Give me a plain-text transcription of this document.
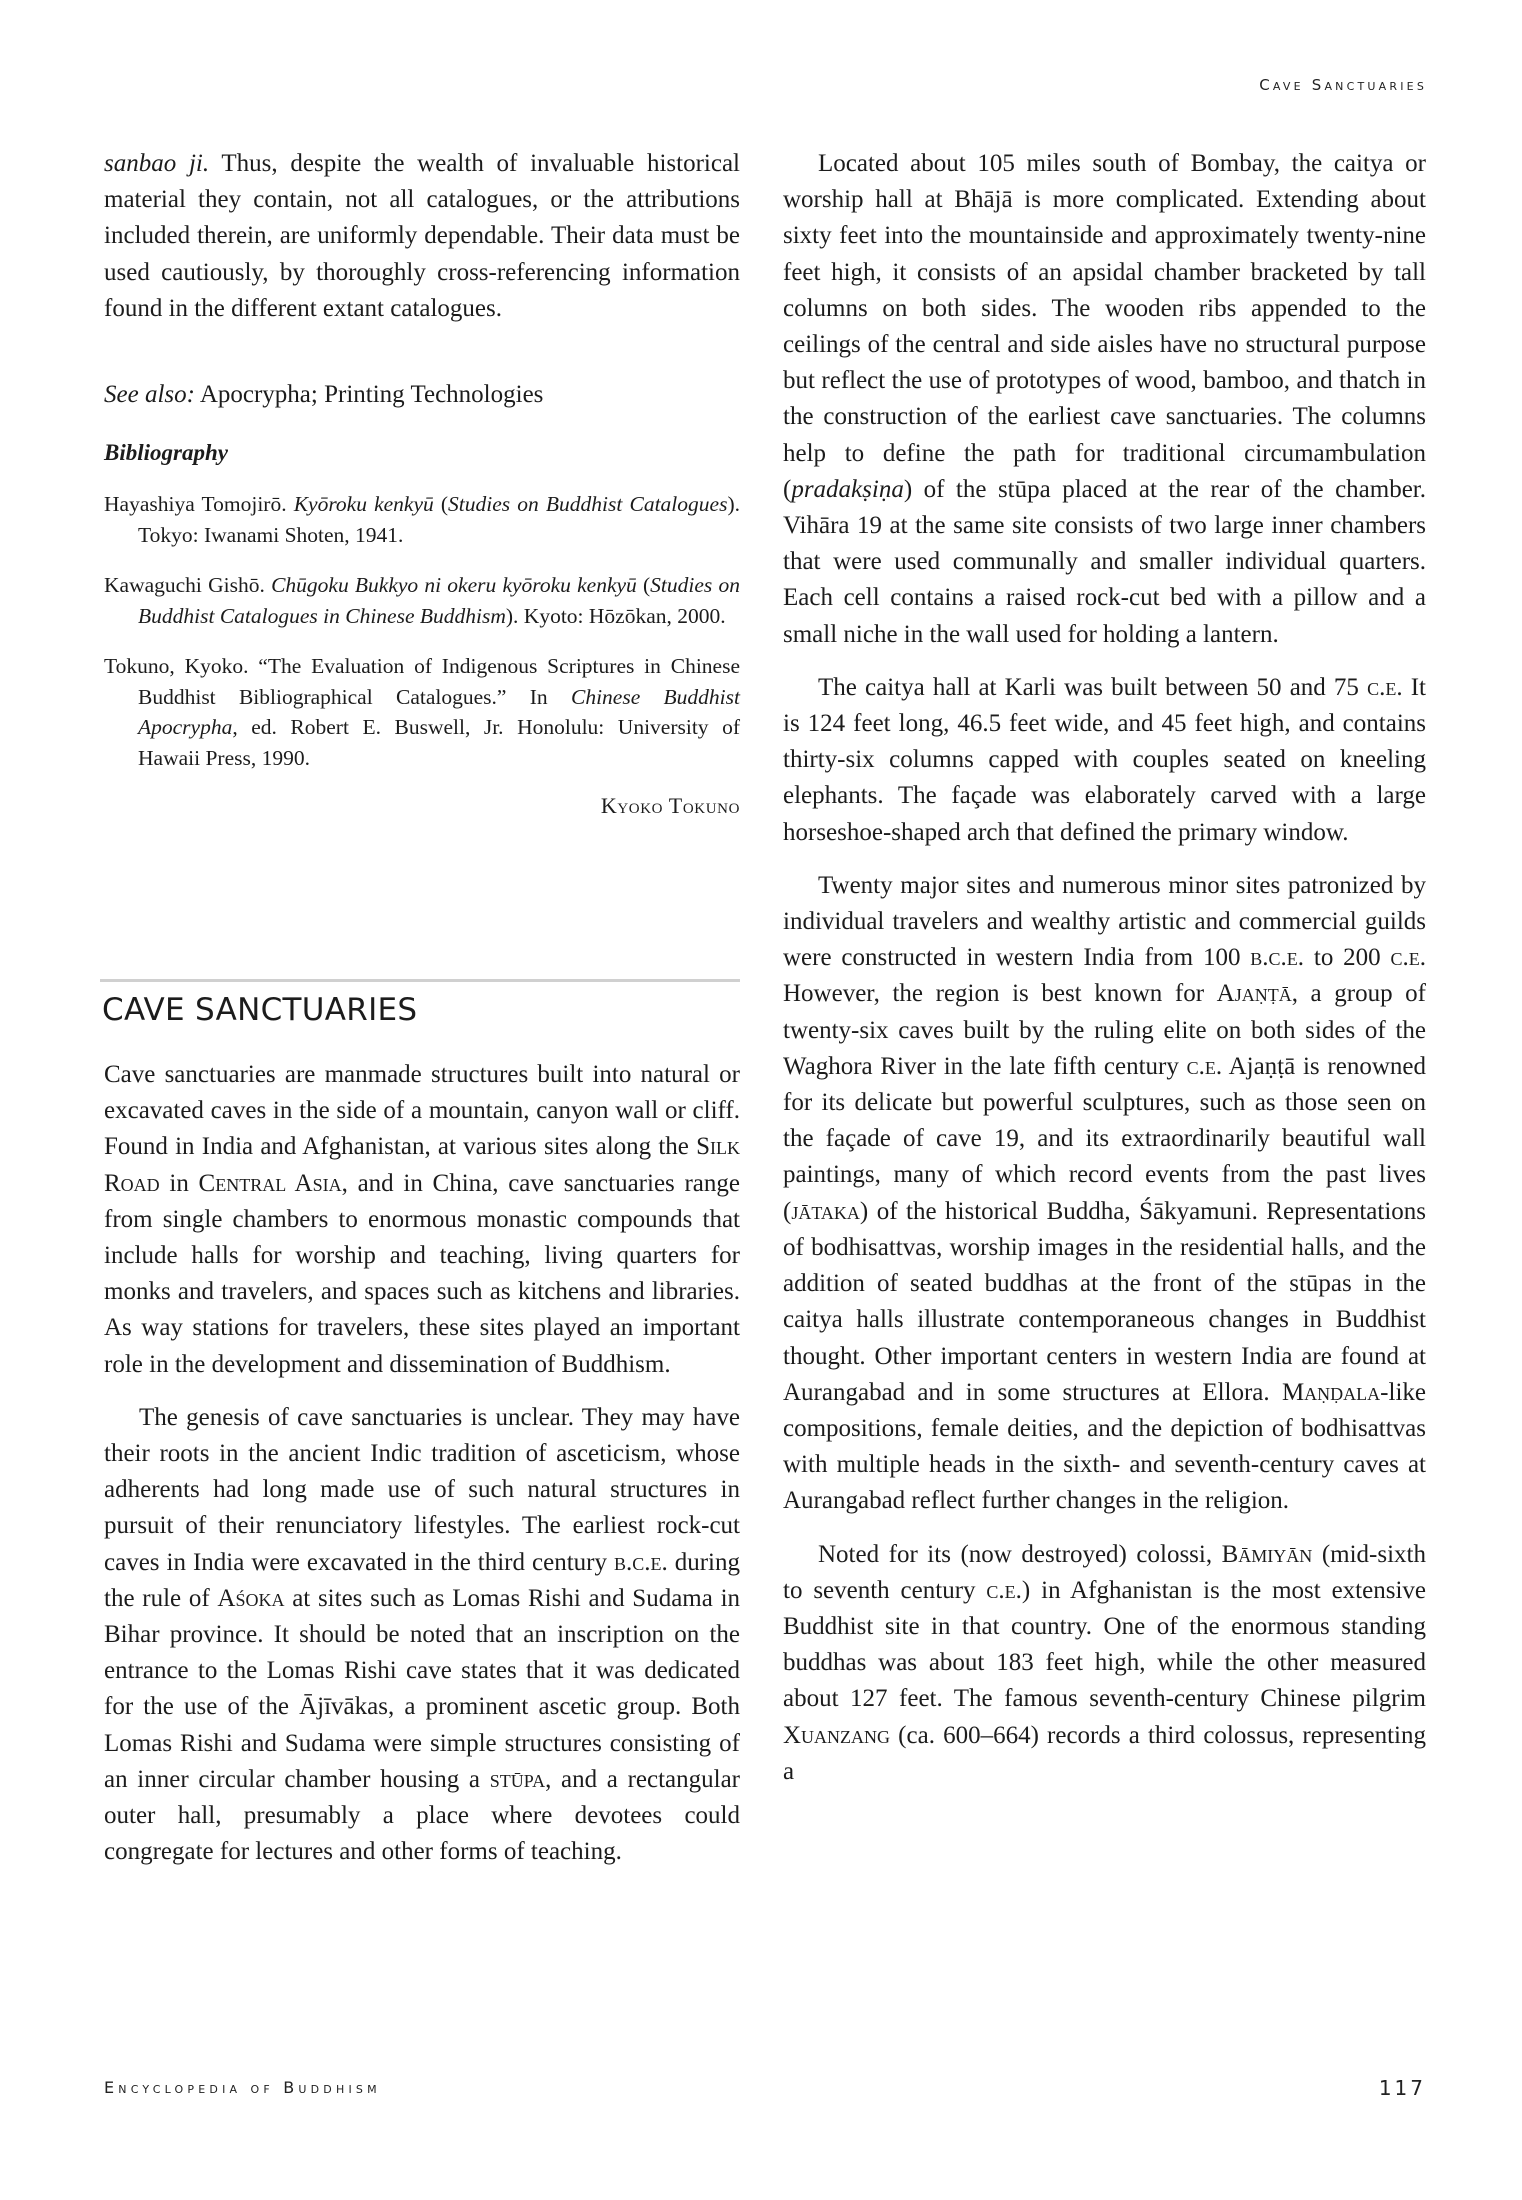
Cave Sanctuaries

sanbao ji. Thus, despite the wealth of invaluable historical material they contain, not all catalogues, or the attributions included therein, are uniformly dependable. Their data must be used cautiously, by thoroughly cross-referencing information found in the different extant catalogues.

See also: Apocrypha; Printing Technologies
Bibliography

Hayashiya Tomojirō. Kyōroku kenkyū (Studies on Buddhist Catalogues). Tokyo: Iwanami Shoten, 1941.

Kawaguchi Gishō. Chūgoku Bukkyo ni okeru kyōroku kenkyū (Studies on Buddhist Catalogues in Chinese Buddhism). Kyoto: Hōzōkan, 2000.

Tokuno, Kyoko. “The Evaluation of Indigenous Scriptures in Chinese Buddhist Bibliographical Catalogues.” In Chinese Buddhist Apocrypha, ed. Robert E. Buswell, Jr. Honolulu: University of Hawaii Press, 1990.

Kyoko Tokuno
CAVE SANCTUARIES

Cave sanctuaries are manmade structures built into natural or excavated caves in the side of a mountain, canyon wall or cliff. Found in India and Afghanistan, at various sites along the Silk Road in Central Asia, and in China, cave sanctuaries range from single chambers to enormous monastic compounds that include halls for worship and teaching, living quarters for monks and travelers, and spaces such as kitchens and libraries. As way stations for travelers, these sites played an important role in the development and dissemination of Buddhism.

The genesis of cave sanctuaries is unclear. They may have their roots in the ancient Indic tradition of asceticism, whose adherents had long made use of such natural structures in pursuit of their renunciatory lifestyles. The earliest rock-cut caves in India were excavated in the third century b.c.e. during the rule of Aśoka at sites such as Lomas Rishi and Sudama in Bihar province. It should be noted that an inscription on the entrance to the Lomas Rishi cave states that it was dedicated for the use of the Ājīvākas, a prominent ascetic group. Both Lomas Rishi and Sudama were simple structures consisting of an inner circular chamber housing a stūpa, and a rectangular outer hall, presumably a place where devotees could congregate for lectures and other forms of teaching.

Located about 105 miles south of Bombay, the caitya or worship hall at Bhājā is more complicated. Extending about sixty feet into the mountainside and approximately twenty-nine feet high, it consists of an apsidal chamber bracketed by tall columns on both sides. The wooden ribs appended to the ceilings of the central and side aisles have no structural purpose but reflect the use of prototypes of wood, bamboo, and thatch in the construction of the earliest cave sanctuaries. The columns help to define the path for traditional circumambulation (pradakṣiṇa) of the stūpa placed at the rear of the chamber. Vihāra 19 at the same site consists of two large inner chambers that were used communally and smaller individual quarters. Each cell contains a raised rock-cut bed with a pillow and a small niche in the wall used for holding a lantern.

The caitya hall at Karli was built between 50 and 75 c.e. It is 124 feet long, 46.5 feet wide, and 45 feet high, and contains thirty-six columns capped with couples seated on kneeling elephants. The façade was elaborately carved with a large horseshoe-shaped arch that defined the primary window.

Twenty major sites and numerous minor sites patronized by individual travelers and wealthy artistic and commercial guilds were constructed in western India from 100 b.c.e. to 200 c.e. However, the region is best known for Ajaṇṭā, a group of twenty-six caves built by the ruling elite on both sides of the Waghora River in the late fifth century c.e. Ajaṇṭā is renowned for its delicate but powerful sculptures, such as those seen on the façade of cave 19, and its extraordinarily beautiful wall paintings, many of which record events from the past lives (jātaka) of the historical Buddha, Śākyamuni. Representations of bodhisattvas, worship images in the residential halls, and the addition of seated buddhas at the front of the stūpas in the caitya halls illustrate contemporaneous changes in Buddhist thought. Other important centers in western India are found at Aurangabad and in some structures at Ellora. Maṇḍala-like compositions, female deities, and the depiction of bodhisattvas with multiple heads in the sixth- and seventh-century caves at Aurangabad reflect further changes in the religion.

Noted for its (now destroyed) colossi, Bāmiyān (mid-sixth to seventh century c.e.) in Afghanistan is the most extensive Buddhist site in that country. One of the enormous standing buddhas was about 183 feet high, while the other measured about 127 feet. The famous seventh-century Chinese pilgrim Xuanzang (ca. 600–664) records a third colossus, representing a

Encyclopedia of Buddhism	117
